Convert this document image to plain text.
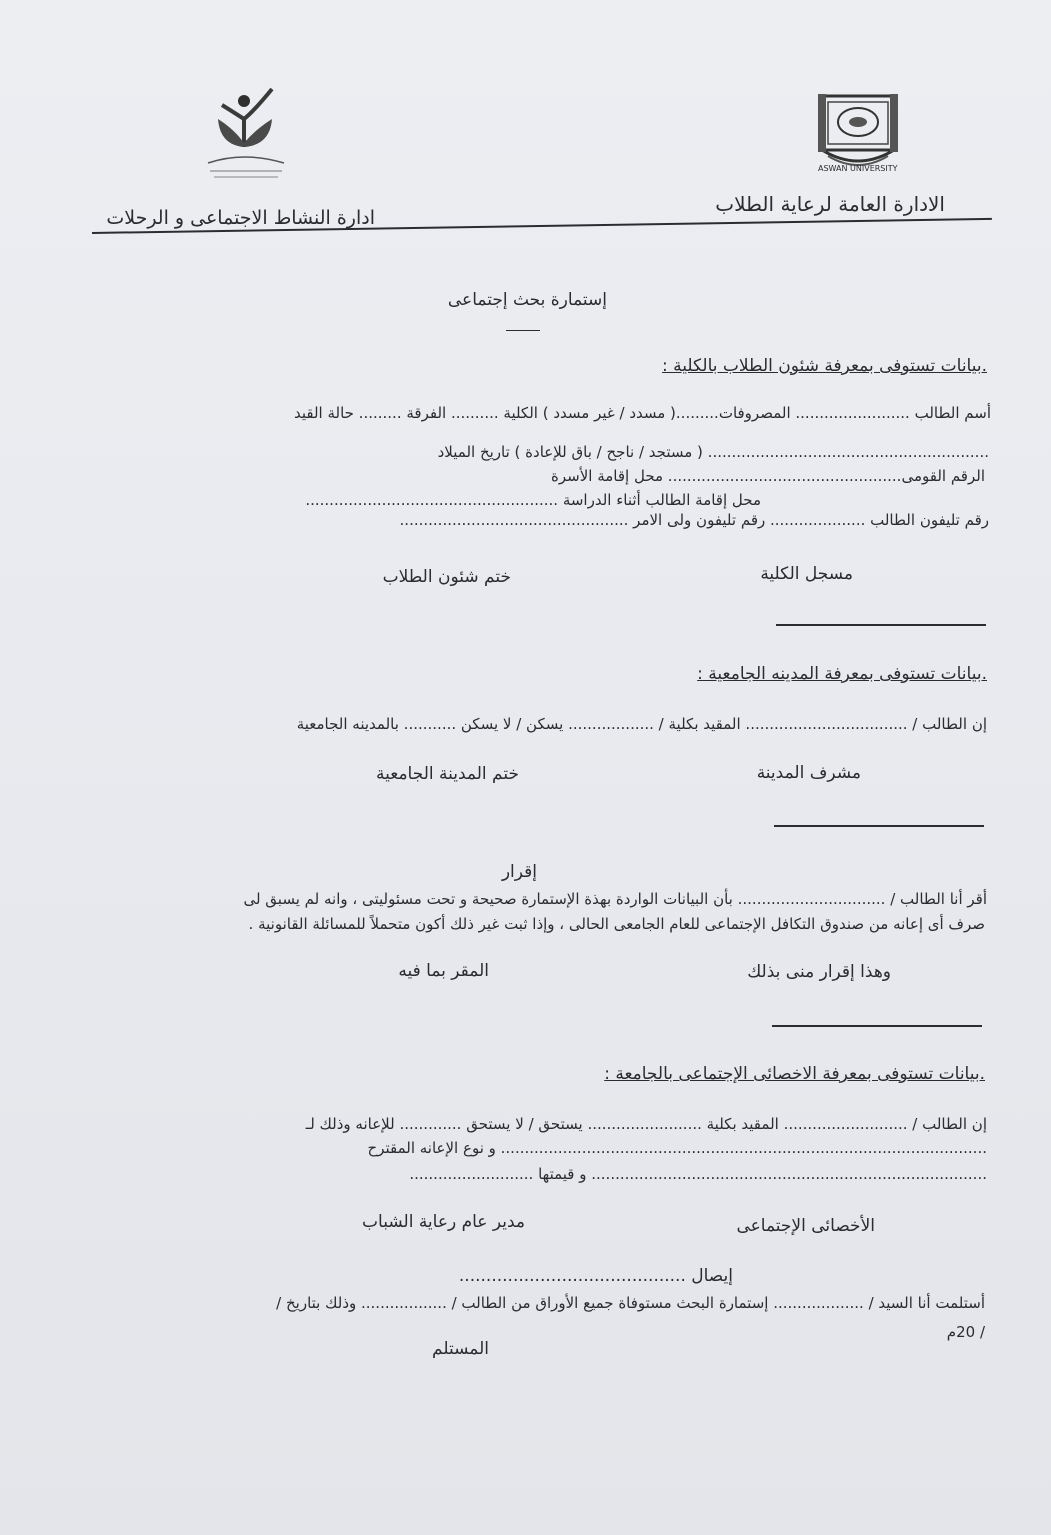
ASWAN UNIVERSITY
الادارة العامة لرعاية الطلاب
ادارة النشاط الاجتماعى و الرحلات
إستمارة بحث إجتماعى
.بيانات تستوفى بمعرفة شئون الطلاب بالكلية :
أسم الطالب ........................ المصروفات.........( مسدد / غير مسدد ) الكلية .......... الفرقة ......... حالة القيد
........................................................... ( مستجد / ناجح / باق للإعادة ) تاريخ الميلاد
الرقم القومى................................................. محل إقامة الأسرة
محل إقامة الطالب أثناء الدراسة .....................................................
رقم تليفون الطالب .................... رقم تليفون ولى الامر ................................................
مسجل الكلية
ختم شئون الطلاب
.بيانات تستوفى بمعرفة المدينه الجامعية :
إن الطالب / .................................. المقيد بكلية / .................. يسكن / لا يسكن ........... بالمدينه الجامعية
مشرف المدينة
ختم المدينة الجامعية
إقرار
أقر أنا الطالب / ............................... بأن البيانات الواردة بهذة الإستمارة صحيحة و تحت مسئوليتى ، وانه لم يسبق لى
صرف أى إعانه من صندوق التكافل الإجتماعى للعام الجامعى الحالى ، وإذا ثبت غير ذلك أكون متحملاً للمسائلة القانونية .
وهذا إقرار منى بذلك
المقر بما فيه
.بيانات تستوفى بمعرفة الاخصائى الإجتماعى بالجامعة :
إن الطالب / .......................... المقيد بكلية ........................ يستحق / لا يستحق ............. للإعانه وذلك لـ
...................................................................................................... و نوع الإعانه المقترح
................................................................................... و قيمتها ..........................
الأخصائى الإجتماعى
مدير عام رعاية الشباب
إيصال ..........................................
أستلمت أنا السيد / ................... إستمارة البحث مستوفاة جميع الأوراق من الطالب / .................. وذلك بتاريخ /
/ 20م
المستلم
